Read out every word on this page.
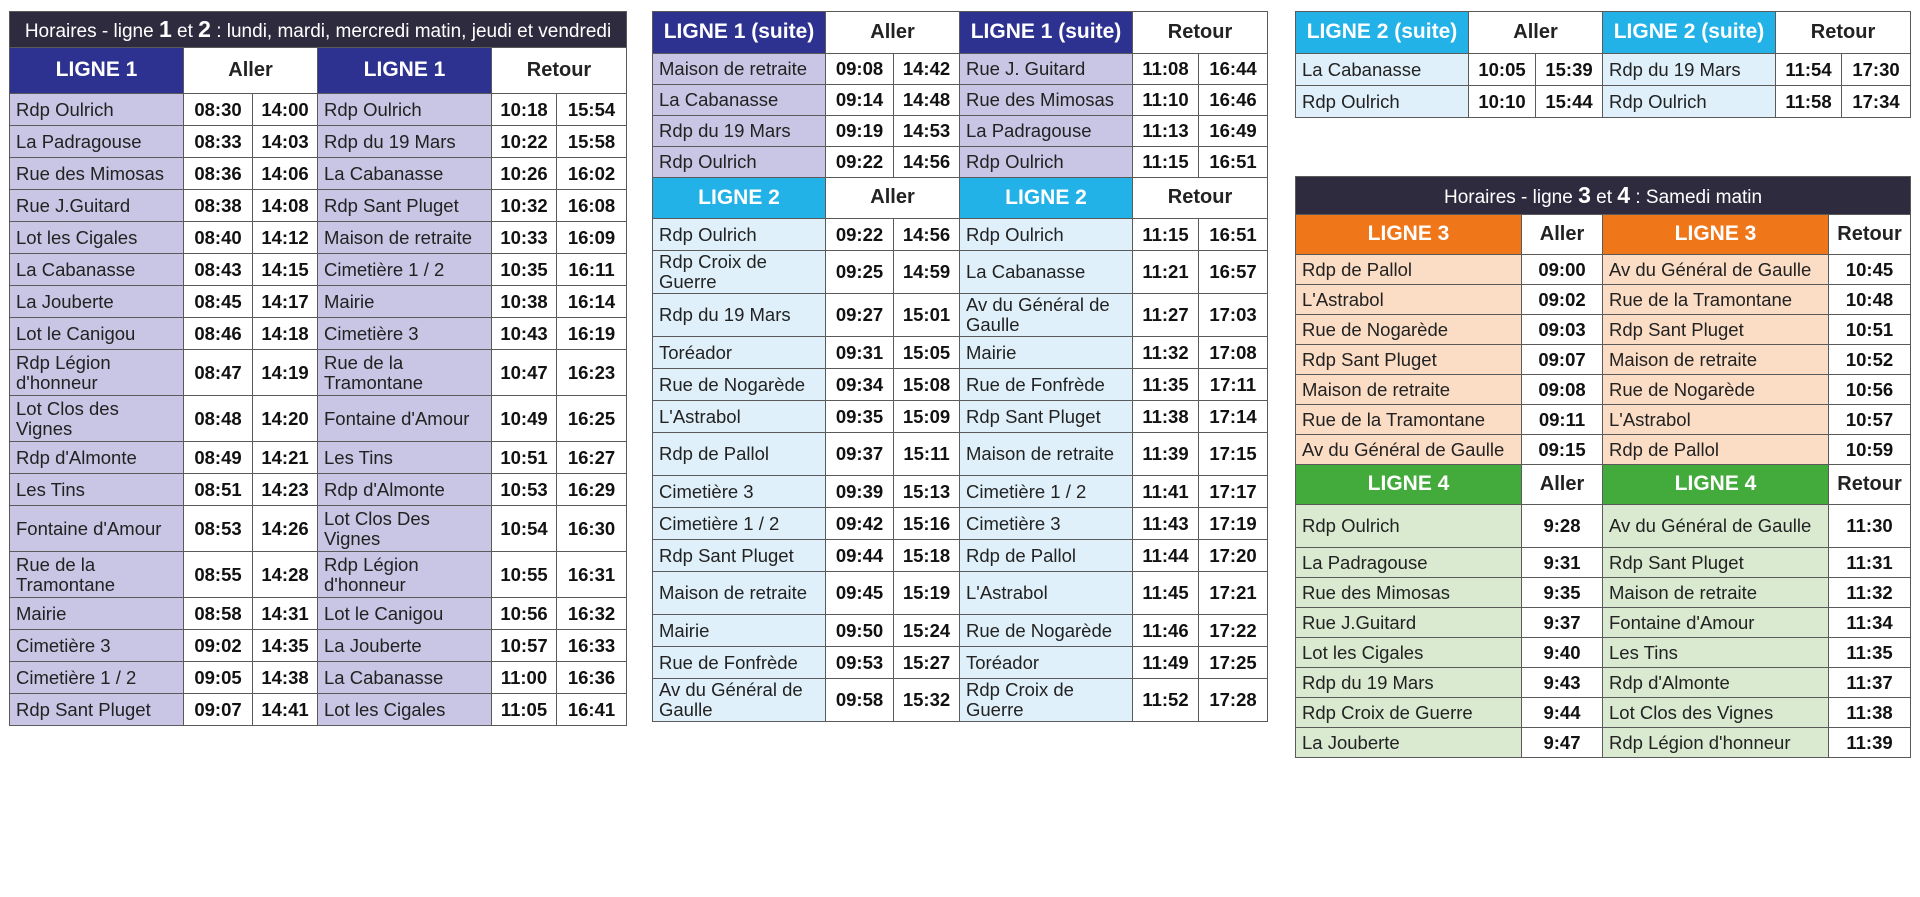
Horaires - ligne 1 et 2 : lundi, mardi, mercredi matin, jeudi et vendredi					
LIGNE 1	Aller		LIGNE 1	Retour	
Rdp Oulrich	08:30	14:00	Rdp Oulrich	10:18	15:54
La Padragouse	08:33	14:03	Rdp du 19 Mars	10:22	15:58
Rue des Mimosas	08:36	14:06	La Cabanasse	10:26	16:02
Rue J.Guitard	08:38	14:08	Rdp Sant Pluget	10:32	16:08
Lot les Cigales	08:40	14:12	Maison de retraite	10:33	16:09
La Cabanasse	08:43	14:15	Cimetière 1 / 2	10:35	16:11
La Jouberte	08:45	14:17	Mairie	10:38	16:14
Lot le Canigou	08:46	14:18	Cimetière 3	10:43	16:19
Rdp Légion d'honneur	08:47	14:19	Rue de la Tramontane	10:47	16:23
Lot Clos des Vignes	08:48	14:20	Fontaine d'Amour	10:49	16:25
Rdp d'Almonte	08:49	14:21	Les Tins	10:51	16:27
Les Tins	08:51	14:23	Rdp d'Almonte	10:53	16:29
Fontaine d'Amour	08:53	14:26	Lot Clos Des Vignes	10:54	16:30
Rue de la Tramontane	08:55	14:28	Rdp Légion d'honneur	10:55	16:31
Mairie	08:58	14:31	Lot le Canigou	10:56	16:32
Cimetière 3	09:02	14:35	La Jouberte	10:57	16:33
Cimetière 1 / 2	09:05	14:38	La Cabanasse	11:00	16:36
Rdp Sant Pluget	09:07	14:41	Lot les Cigales	11:05	16:41
LIGNE 1 (suite)	Aller		LIGNE 1 (suite)	Retour	
Maison de retraite	09:08	14:42	Rue J. Guitard	11:08	16:44
La Cabanasse	09:14	14:48	Rue des Mimosas	11:10	16:46
Rdp du 19 Mars	09:19	14:53	La Padragouse	11:13	16:49
Rdp Oulrich	09:22	14:56	Rdp Oulrich	11:15	16:51
LIGNE 2	Aller		LIGNE 2	Retour	
Rdp Oulrich	09:22	14:56	Rdp Oulrich	11:15	16:51
Rdp Croix de Guerre	09:25	14:59	La Cabanasse	11:21	16:57
Rdp du 19 Mars	09:27	15:01	Av du Général de Gaulle	11:27	17:03
Toréador	09:31	15:05	Mairie	11:32	17:08
Rue de Nogarède	09:34	15:08	Rue de Fonfrède	11:35	17:11
L'Astrabol	09:35	15:09	Rdp Sant Pluget	11:38	17:14
Rdp de Pallol	09:37	15:11	Maison de retraite	11:39	17:15
Cimetière 3	09:39	15:13	Cimetière 1 / 2	11:41	17:17
Cimetière 1 / 2	09:42	15:16	Cimetière 3	11:43	17:19
Rdp Sant Pluget	09:44	15:18	Rdp de Pallol	11:44	17:20
Maison de retraite	09:45	15:19	L'Astrabol	11:45	17:21
Mairie	09:50	15:24	Rue de Nogarède	11:46	17:22
Rue de Fonfrède	09:53	15:27	Toréador	11:49	17:25
Av du Général de Gaulle	09:58	15:32	Rdp Croix de Guerre	11:52	17:28
LIGNE 2 (suite)	Aller		LIGNE 2 (suite)	Retour	
La Cabanasse	10:05	15:39	Rdp du 19 Mars	11:54	17:30
Rdp Oulrich	10:10	15:44	Rdp Oulrich	11:58	17:34
Horaires - ligne 3 et 4 : Samedi matin			
LIGNE 3	Aller	LIGNE 3	Retour
Rdp de Pallol	09:00	Av du Général de Gaulle	10:45
L'Astrabol	09:02	Rue de la Tramontane	10:48
Rue de Nogarède	09:03	Rdp Sant Pluget	10:51
Rdp Sant Pluget	09:07	Maison de retraite	10:52
Maison de retraite	09:08	Rue de Nogarède	10:56
Rue de la Tramontane	09:11	L'Astrabol	10:57
Av du Général de Gaulle	09:15	Rdp de Pallol	10:59
LIGNE 4	Aller	LIGNE 4	Retour
Rdp Oulrich	9:28	Av du Général de Gaulle	11:30
La Padragouse	9:31	Rdp Sant Pluget	11:31
Rue des Mimosas	9:35	Maison de retraite	11:32
Rue J.Guitard	9:37	Fontaine d'Amour	11:34
Lot les Cigales	9:40	Les Tins	11:35
Rdp du 19 Mars	9:43	Rdp d'Almonte	11:37
Rdp Croix de Guerre	9:44	Lot Clos des Vignes	11:38
La Jouberte	9:47	Rdp Légion d'honneur	11:39
